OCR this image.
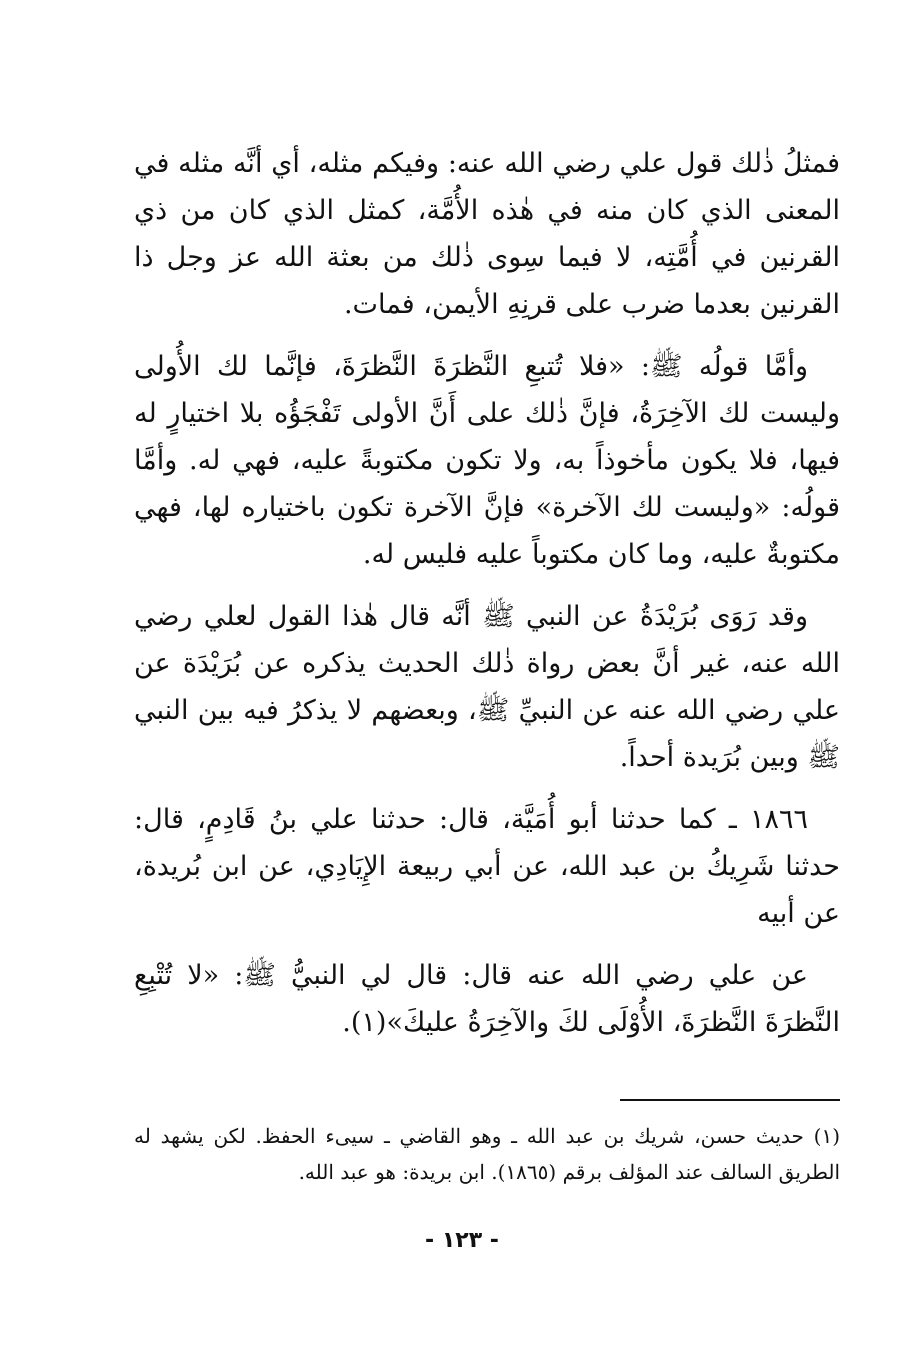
فمثلُ ذٰلك قول علي رضي الله عنه: وفيكم مثله، أي أنَّه مثله في المعنى الذي كان منه في هٰذه الأُمَّة، كمثل الذي كان من ذي القرنين في أُمَّتِه، لا فيما سِوى ذٰلك من بعثة الله عز وجل ذا القرنين بعدما ضرب على قرنِهِ الأيمن، فمات.

وأمَّا قولُه ﷺ: «فلا تُتبعِ النَّظرَةَ النَّظرَةَ، فإنَّما لك الأُولى وليست لك الآخِرَةُ، فإنَّ ذٰلك على أَنَّ الأولى تَفْجَؤُه بلا اختيارٍ له فيها، فلا يكون مأخوذاً به، ولا تكون مكتوبةً عليه، فهي له. وأمَّا قولُه: «وليست لك الآخرة» فإنَّ الآخرة تكون باختياره لها، فهي مكتوبةٌ عليه، وما كان مكتوباً عليه فليس له.

وقد رَوَى بُرَيْدَةُ عن النبي ﷺ أنَّه قال هٰذا القول لعلي رضي الله عنه، غير أنَّ بعض رواة ذٰلك الحديث يذكره عن بُرَيْدَة عن علي رضي الله عنه عن النبيِّ ﷺ، وبعضهم لا يذكرُ فيه بين النبي ﷺ وبين بُرَيدة أحداً.

١٨٦٦ ـ كما حدثنا أبو أُمَيَّة، قال: حدثنا علي بنُ قَادِمٍ، قال: حدثنا شَرِيكُ بن عبد الله، عن أبي ربيعة الإِيَادِي، عن ابن بُريدة، عن أبيه

عن علي رضي الله عنه قال: قال لي النبيُّ ﷺ: «لا تُتْبِعِ النَّظرَةَ النَّظرَةَ، الأُوْلَى لكَ والآخِرَةُ عليكَ»(١).

(١) حديث حسن، شريك بن عبد الله ـ وهو القاضي ـ سيىء الحفظ. لكن يشهد له الطريق السالف عند المؤلف برقم (١٨٦٥). ابن بريدة: هو عبد الله.

- ١٢٣ -
